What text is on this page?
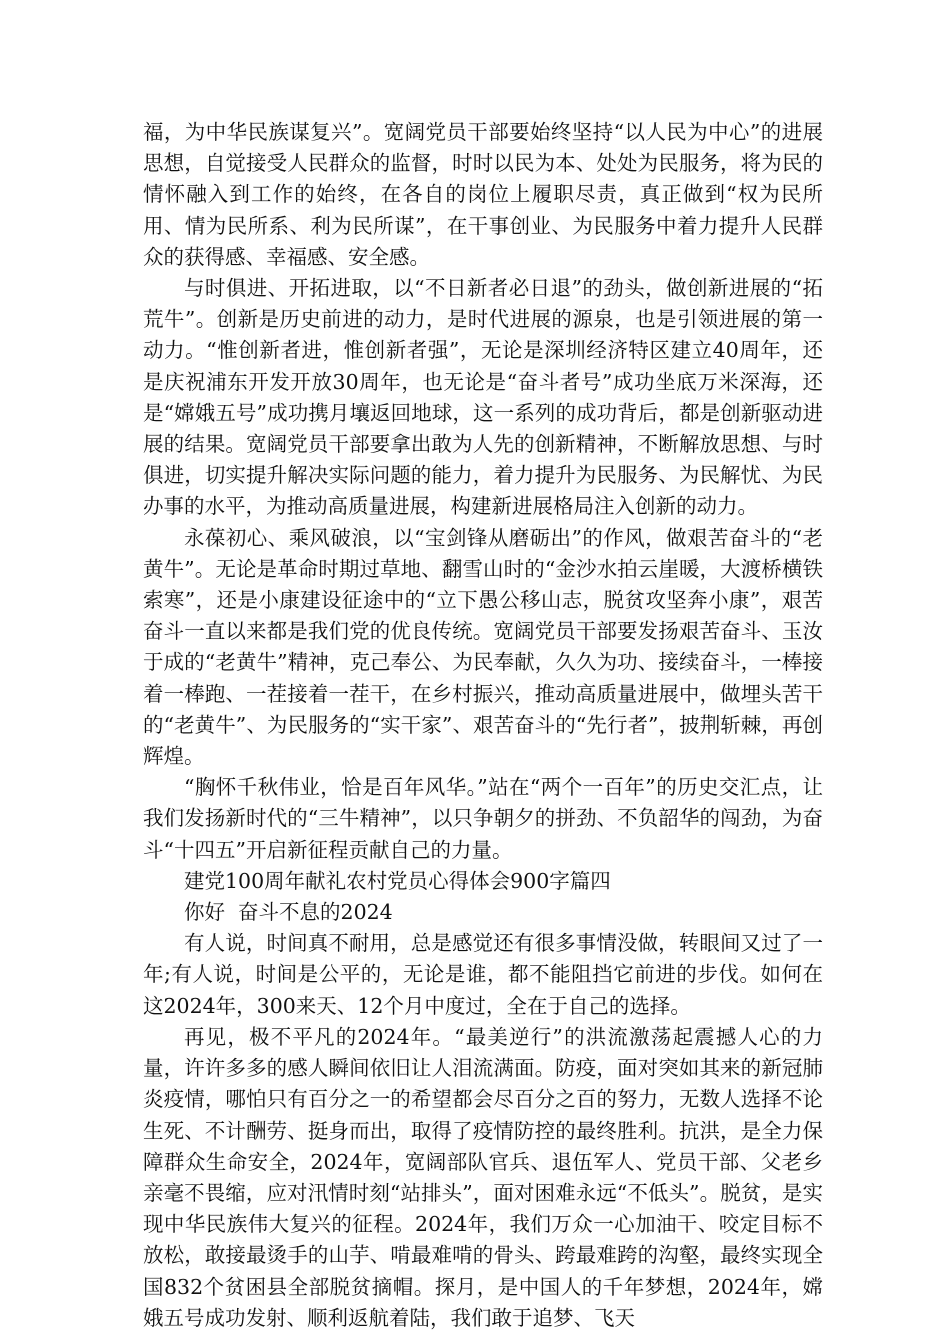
福，为中华民族谋复兴”。宽阔党员干部要始终坚持“以人民为中心”的进展思想，自觉接受人民群众的监督，时时以民为本、处处为民服务，将为民的情怀融入到工作的始终，在各自的岗位上履职尽责，真正做到“权为民所用、情为民所系、利为民所谋”，在干事创业、为民服务中着力提升人民群众的获得感、幸福感、安全感。

与时俱进、开拓进取，以“不日新者必日退”的劲头，做创新进展的“拓荒牛”。创新是历史前进的动力，是时代进展的源泉，也是引领进展的第一动力。“惟创新者进，惟创新者强”，无论是深圳经济特区建立40周年，还是庆祝浦东开发开放30周年，也无论是“奋斗者号”成功坐底万米深海，还是“嫦娥五号”成功携月壤返回地球，这一系列的成功背后，都是创新驱动进展的结果。宽阔党员干部要拿出敢为人先的创新精神，不断解放思想、与时俱进，切实提升解决实际问题的能力，着力提升为民服务、为民解忧、为民办事的水平，为推动高质量进展，构建新进展格局注入创新的动力。

永葆初心、乘风破浪，以“宝剑锋从磨砺出”的作风，做艰苦奋斗的“老黄牛”。无论是革命时期过草地、翻雪山时的“金沙水拍云崖暖，大渡桥横铁索寒”，还是小康建设征途中的“立下愚公移山志，脱贫攻坚奔小康”，艰苦奋斗一直以来都是我们党的优良传统。宽阔党员干部要发扬艰苦奋斗、玉汝于成的“老黄牛”精神，克己奉公、为民奉献，久久为功、接续奋斗，一棒接着一棒跑、一茬接着一茬干，在乡村振兴，推动高质量进展中，做埋头苦干的“老黄牛”、为民服务的“实干家”、艰苦奋斗的“先行者”，披荆斩棘，再创辉煌。

“胸怀千秋伟业，恰是百年风华。”站在“两个一百年”的历史交汇点，让我们发扬新时代的“三牛精神”，以只争朝夕的拼劲、不负韶华的闯劲，为奋斗“十四五”开启新征程贡献自己的力量。

建党100周年献礼农村党员心得体会900字篇四

你好  奋斗不息的2024

有人说，时间真不耐用，总是感觉还有很多事情没做，转眼间又过了一年;有人说，时间是公平的，无论是谁，都不能阻挡它前进的步伐。如何在这2024年，300来天、12个月中度过，全在于自己的选择。

再见，极不平凡的2024年。“最美逆行”的洪流激荡起震撼人心的力量，许许多多的感人瞬间依旧让人泪流满面。防疫，面对突如其来的新冠肺炎疫情，哪怕只有百分之一的希望都会尽百分之百的努力，无数人选择不论生死、不计酬劳、挺身而出，取得了疫情防控的最终胜利。抗洪，是全力保障群众生命安全，2024年，宽阔部队官兵、退伍军人、党员干部、父老乡亲毫不畏缩，应对汛情时刻“站排头”，面对困难永远“不低头”。脱贫，是实现中华民族伟大复兴的征程。2024年，我们万众一心加油干、咬定目标不放松，敢接最烫手的山芋、啃最难啃的骨头、跨最难跨的沟壑，最终实现全国832个贫困县全部脱贫摘帽。探月，是中国人的千年梦想，2024年，嫦娥五号成功发射、顺利返航着陆，我们敢于追梦、飞天
